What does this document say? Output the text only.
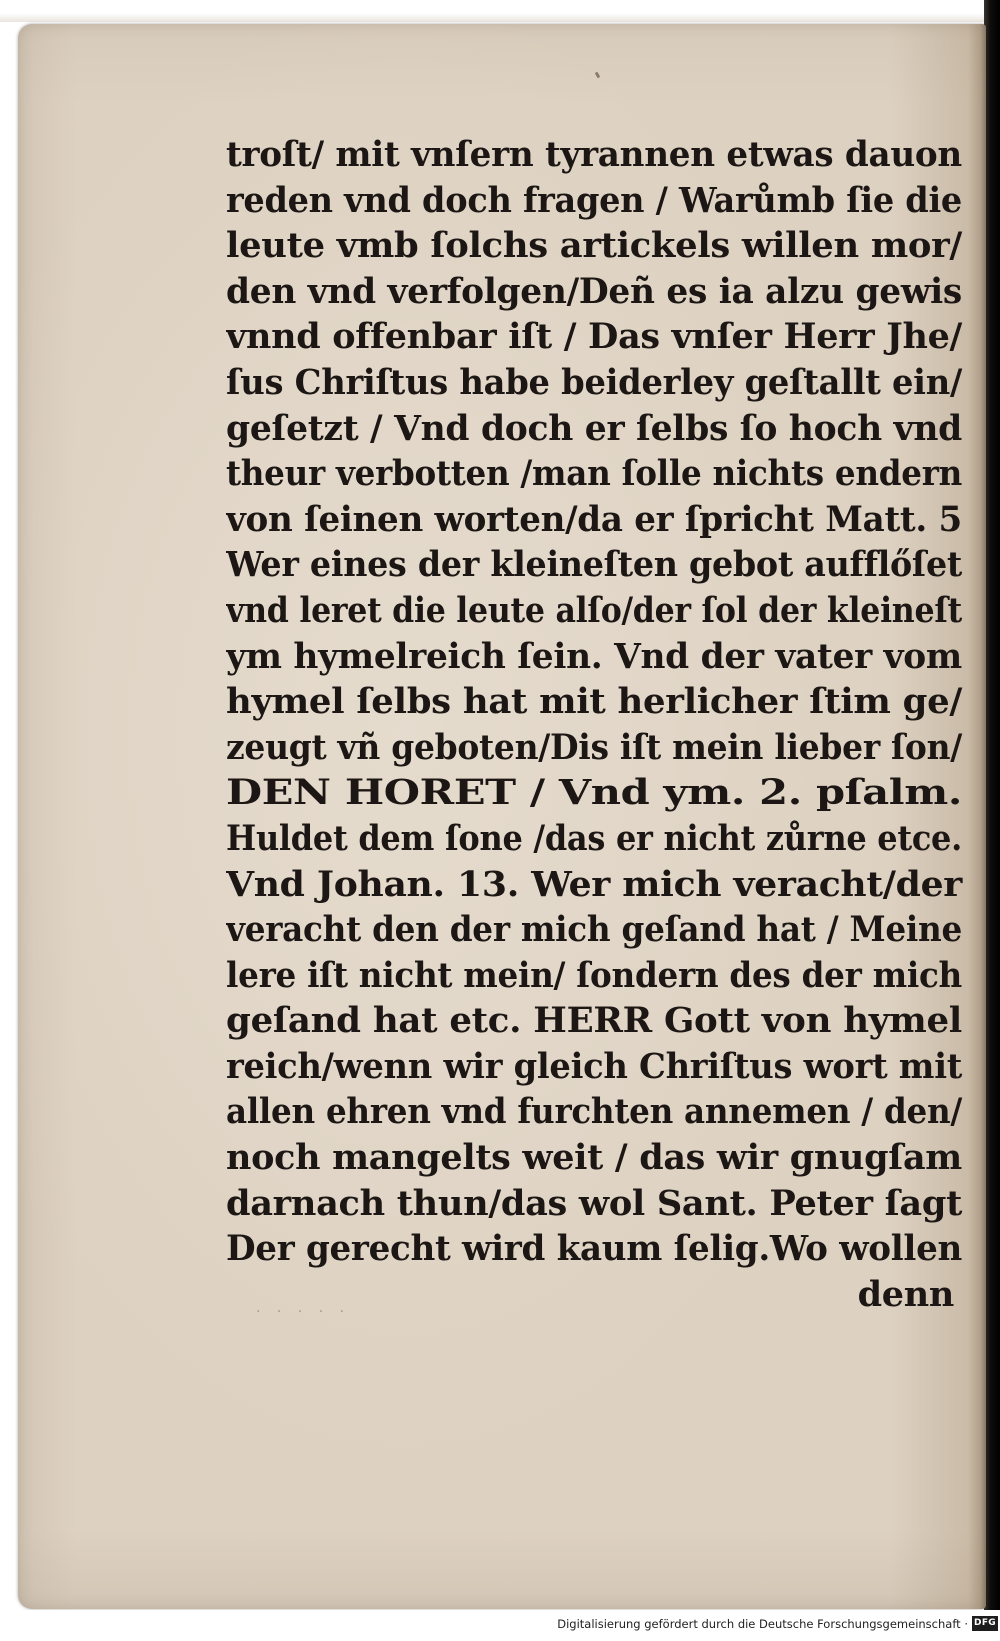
troſt/ mit vnſern tyrannen etwas dauon
reden vnd doch fragen / Warůmb ſie die
leute vmb ſolchs artickels willen mor/
den vnd verfolgen/Deñ es ia alzu gewis
vnnd offenbar iſt / Das vnſer Herr Jhe/
ſus Chriſtus habe beiderley geſtallt ein/
geſetzt / Vnd doch er ſelbs ſo hoch vnd
theur verbotten /man ſolle nichts endern
von ſeinen worten/da er ſpricht Matt. 5
Wer eines der kleineſten gebot aufflőſet
vnd leret die leute alſo/der ſol der kleineſt
ym hymelreich ſein. Vnd der vater vom
hymel ſelbs hat mit herlicher ſtim ge/
zeugt vñ geboten/Dis iſt mein lieber ſon/
DEN HORET / Vnd ym. 2. pſalm.
Huldet dem ſone /das er nicht zůrne etce.
Vnd Johan. 13. Wer mich veracht/der
veracht den der mich geſand hat / Meine
lere iſt nicht mein/ ſondern des der mich
geſand hat etc. HERR Gott von hymel
reich/wenn wir gleich Chriſtus wort mit
allen ehren vnd furchten annemen / den/
noch mangelts weit / das wir gnugſam
darnach thun/das wol Sant. Peter ſagt
Der gerecht wird kaum ſelig.Wo wollen
denn
. . . . .
Digitalisierung gefördert durch die Deutsche Forschungsgemeinschaft · DFG
